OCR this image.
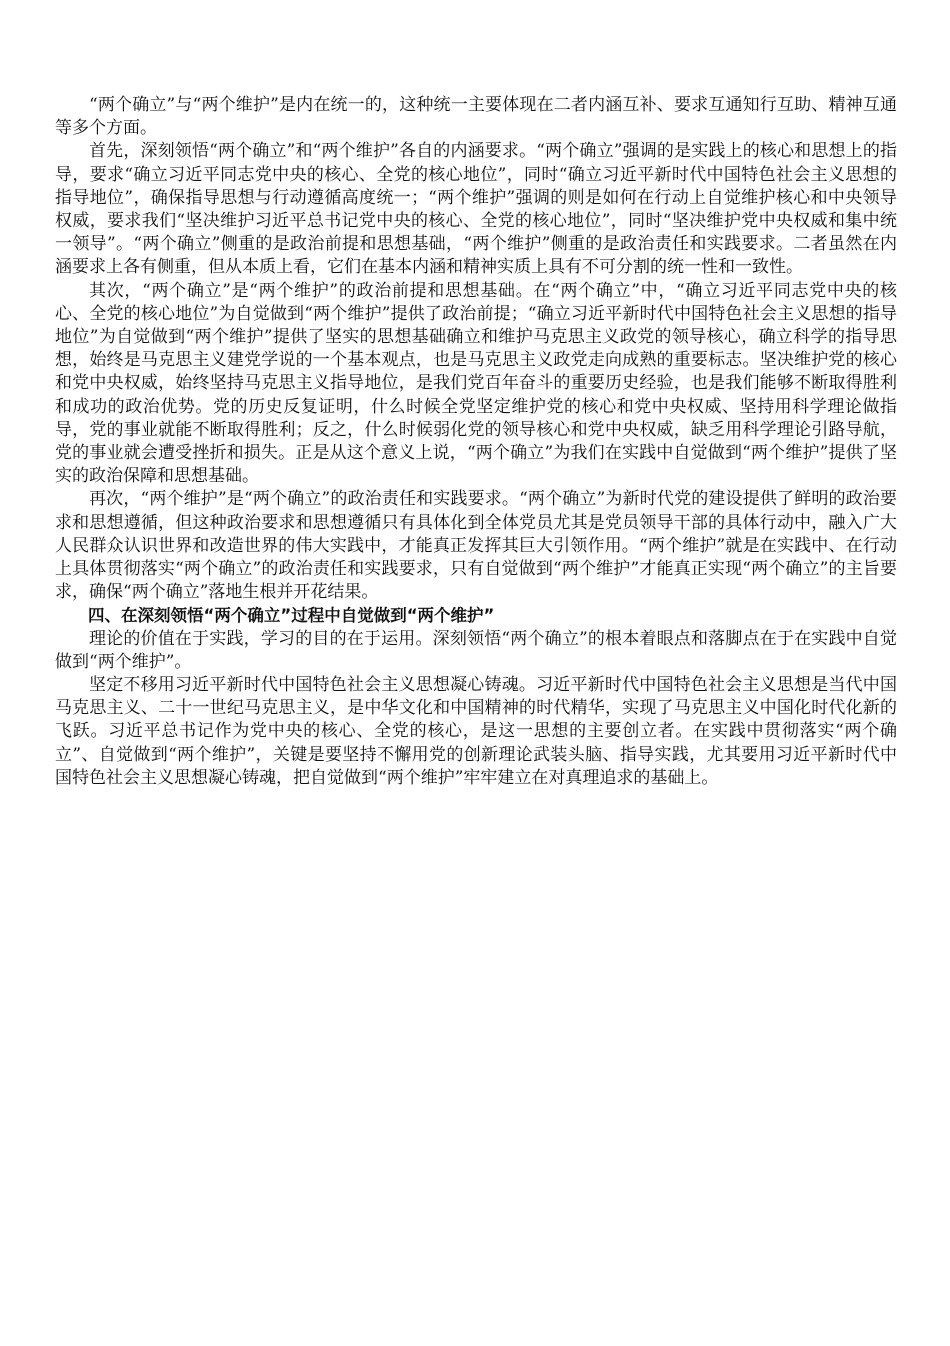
“两个确立”与“两个维护”是内在统一的，这种统一主要体现在二者内涵互补、要求互通知行互助、精神互通等多个方面。

首先，深刻领悟“两个确立”和“两个维护”各自的内涵要求。“两个确立”强调的是实践上的核心和思想上的指导，要求“确立习近平同志党中央的核心、全党的核心地位”，同时“确立习近平新时代中国特色社会主义思想的指导地位”，确保指导思想与行动遵循高度统一；“两个维护”强调的则是如何在行动上自觉维护核心和中央领导权威，要求我们“坚决维护习近平总书记党中央的核心、全党的核心地位”，同时“坚决维护党中央权威和集中统一领导”。“两个确立”侧重的是政治前提和思想基础，“两个维护”侧重的是政治责任和实践要求。二者虽然在内涵要求上各有侧重，但从本质上看，它们在基本内涵和精神实质上具有不可分割的统一性和一致性。

其次，“两个确立”是“两个维护”的政治前提和思想基础。在“两个确立”中，“确立习近平同志党中央的核心、全党的核心地位”为自觉做到“两个维护”提供了政治前提；“确立习近平新时代中国特色社会主义思想的指导地位”为自觉做到“两个维护”提供了坚实的思想基础确立和维护马克思主义政党的领导核心，确立科学的指导思想，始终是马克思主义建党学说的一个基本观点，也是马克思主义政党走向成熟的重要标志。坚决维护党的核心和党中央权威，始终坚持马克思主义指导地位，是我们党百年奋斗的重要历史经验，也是我们能够不断取得胜利和成功的政治优势。党的历史反复证明，什么时候全党坚定维护党的核心和党中央权威、坚持用科学理论做指导，党的事业就能不断取得胜利；反之，什么时候弱化党的领导核心和党中央权威，缺乏用科学理论引路导航，党的事业就会遭受挫折和损失。正是从这个意义上说，“两个确立”为我们在实践中自觉做到“两个维护”提供了坚实的政治保障和思想基础。

再次，“两个维护”是“两个确立”的政治责任和实践要求。“两个确立”为新时代党的建设提供了鲜明的政治要求和思想遵循，但这种政治要求和思想遵循只有具体化到全体党员尤其是党员领导干部的具体行动中，融入广大人民群众认识世界和改造世界的伟大实践中，才能真正发挥其巨大引领作用。“两个维护”就是在实践中、在行动上具体贯彻落实“两个确立”的政治责任和实践要求，只有自觉做到“两个维护”才能真正实现“两个确立”的主旨要求，确保“两个确立”落地生根并开花结果。

四、在深刻领悟“两个确立”过程中自觉做到“两个维护”

理论的价值在于实践，学习的目的在于运用。深刻领悟“两个确立”的根本着眼点和落脚点在于在实践中自觉做到“两个维护”。

坚定不移用习近平新时代中国特色社会主义思想凝心铸魂。习近平新时代中国特色社会主义思想是当代中国马克思主义、二十一世纪马克思主义，是中华文化和中国精神的时代精华，实现了马克思主义中国化时代化新的飞跃。习近平总书记作为党中央的核心、全党的核心，是这一思想的主要创立者。在实践中贯彻落实“两个确立”、自觉做到“两个维护”，关键是要坚持不懈用党的创新理论武装头脑、指导实践，尤其要用习近平新时代中国特色社会主义思想凝心铸魂，把自觉做到“两个维护”牢牢建立在对真理追求的基础上。
